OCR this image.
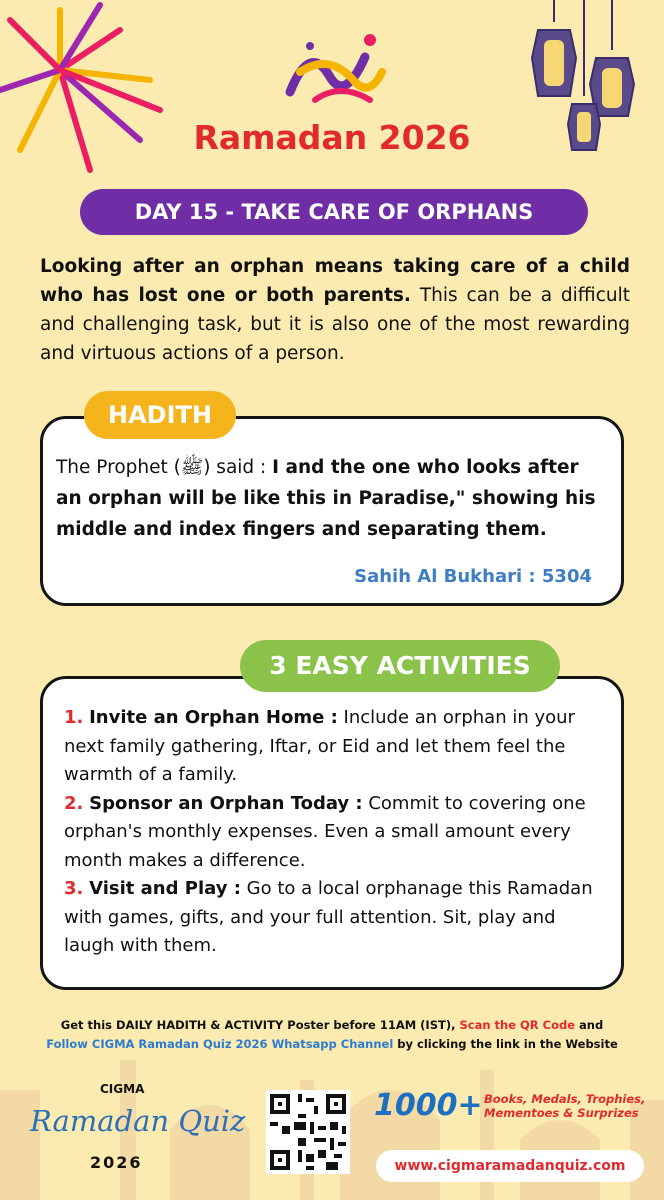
Ramadan 2026
DAY 15 - TAKE CARE OF ORPHANS

Looking after an orphan means taking care of a child who has lost one or both parents. This can be a difficult and challenging task, but it is also one of the most rewarding and virtuous actions of a person.

HADITH
The Prophet (ﷺ) said : I and the one who looks after an orphan will be like this in Paradise," showing his middle and index fingers and separating them.
Sahih Al Bukhari : 5304
3 EASY ACTIVITIES
1. Invite an Orphan Home : Include an orphan in your next family gathering, Iftar, or Eid and let them feel the warmth of a family.
2. Sponsor an Orphan Today : Commit to covering one orphan's monthly expenses. Even a small amount every month makes a difference.
3. Visit and Play : Go to a local orphanage this Ramadan with games, gifts, and your full attention. Sit, play and laugh with them.
Get this DAILY HADITH & ACTIVITY Poster before 11AM (IST), Scan the QR Code and
Follow CIGMA Ramadan Quiz 2026 Whatsapp Channel by clicking the link in the Website
CIGMA
Ramadan Quiz
2026
1000+ Books, Medals, Trophies,
Mementoes & Surprizes
www.cigmaramadanquiz.com
